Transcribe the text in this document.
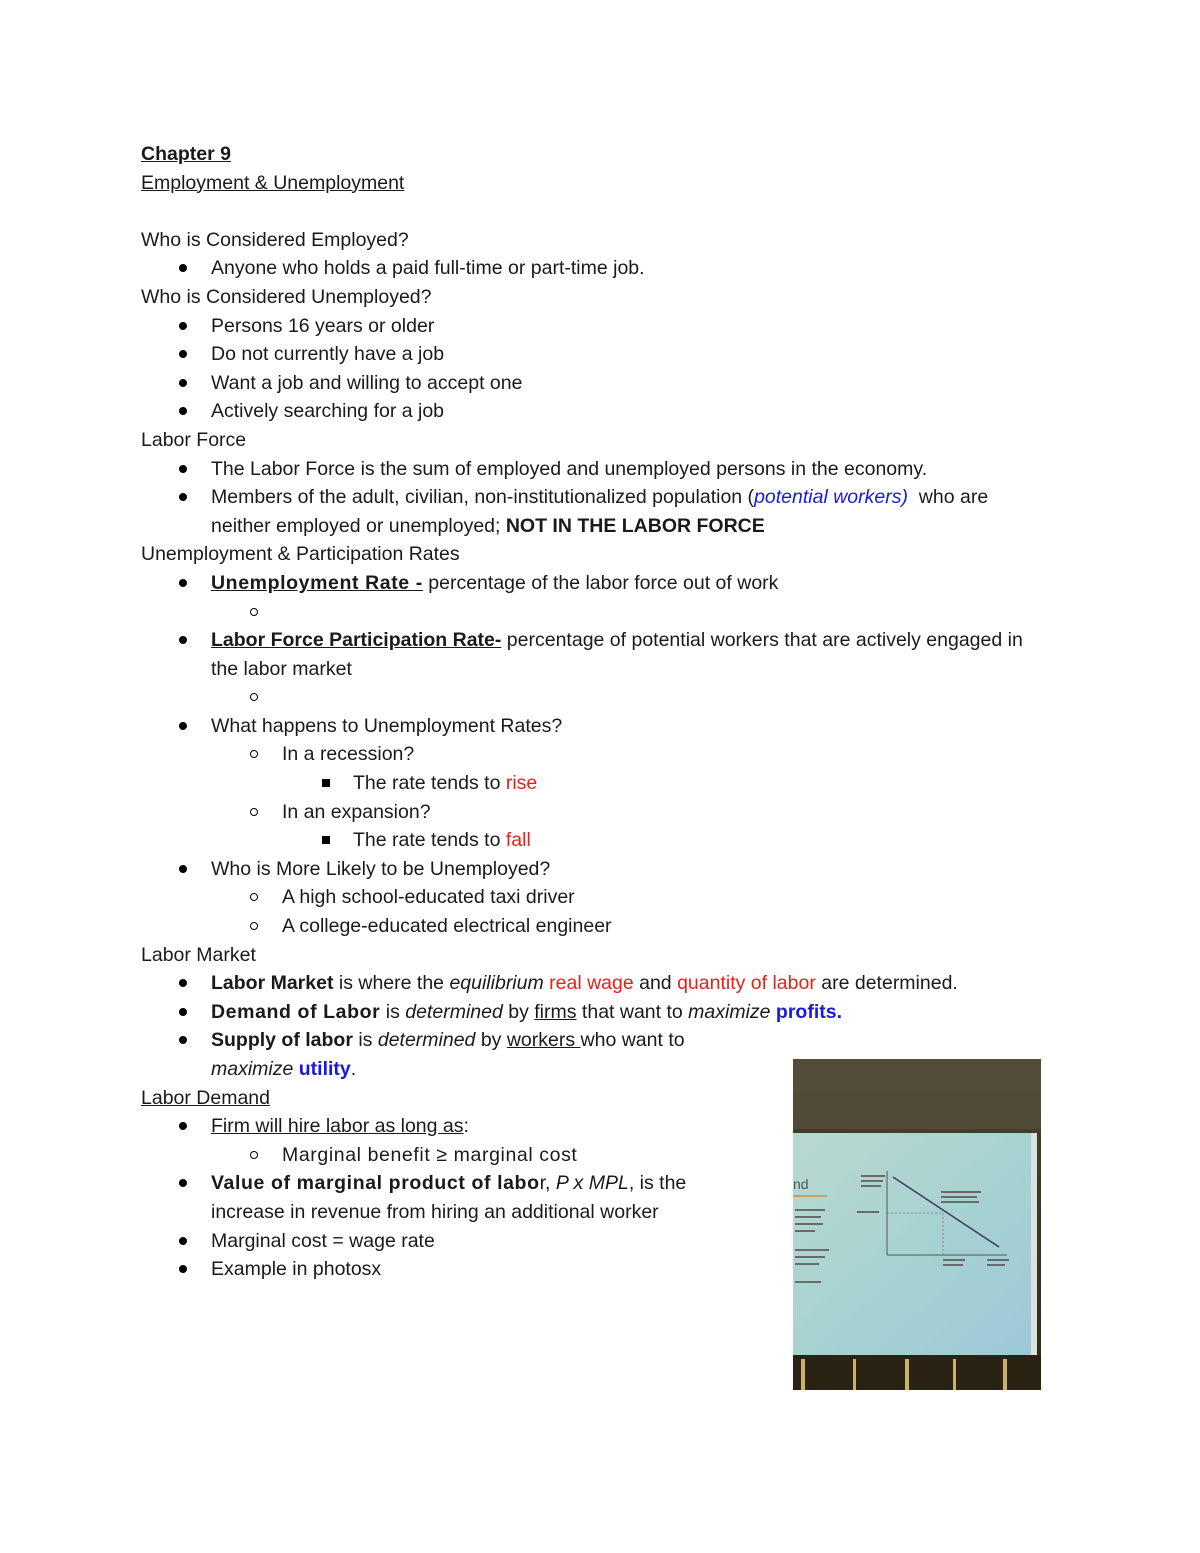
Chapter 9
Employment & Unemployment
Who is Considered Employed?
Anyone who holds a paid full-time or part-time job.
Who is Considered Unemployed?
Persons 16 years or older
Do not currently have a job
Want a job and willing to accept one
Actively searching for a job
Labor Force
The Labor Force is the sum of employed and unemployed persons in the economy.
Members of the adult, civilian, non-institutionalized population (potential workers)  who are neither employed or unemployed; NOT IN THE LABOR FORCE
Unemployment & Participation Rates
Unemployment Rate - percentage of the labor force out of work
Labor Force Participation Rate- percentage of potential workers that are actively engaged in the labor market
What happens to Unemployment Rates?
In a recession?
The rate tends to rise
In an expansion?
The rate tends to fall
Who is More Likely to be Unemployed?
A high school-educated taxi driver
A college-educated electrical engineer
Labor Market
Labor Market is where the equilibrium real wage and quantity of labor are determined.
Demand of Labor is determined by firms that want to maximize profits.
Supply of labor is determined by workers who want to
maximize utility.
Labor Demand
Firm will hire labor as long as:
Marginal benefit ≥ marginal cost
Value of marginal product of labor, P x MPL, is the
increase in revenue from hiring an additional worker
Marginal cost = wage rate
Example in photosx
nd
